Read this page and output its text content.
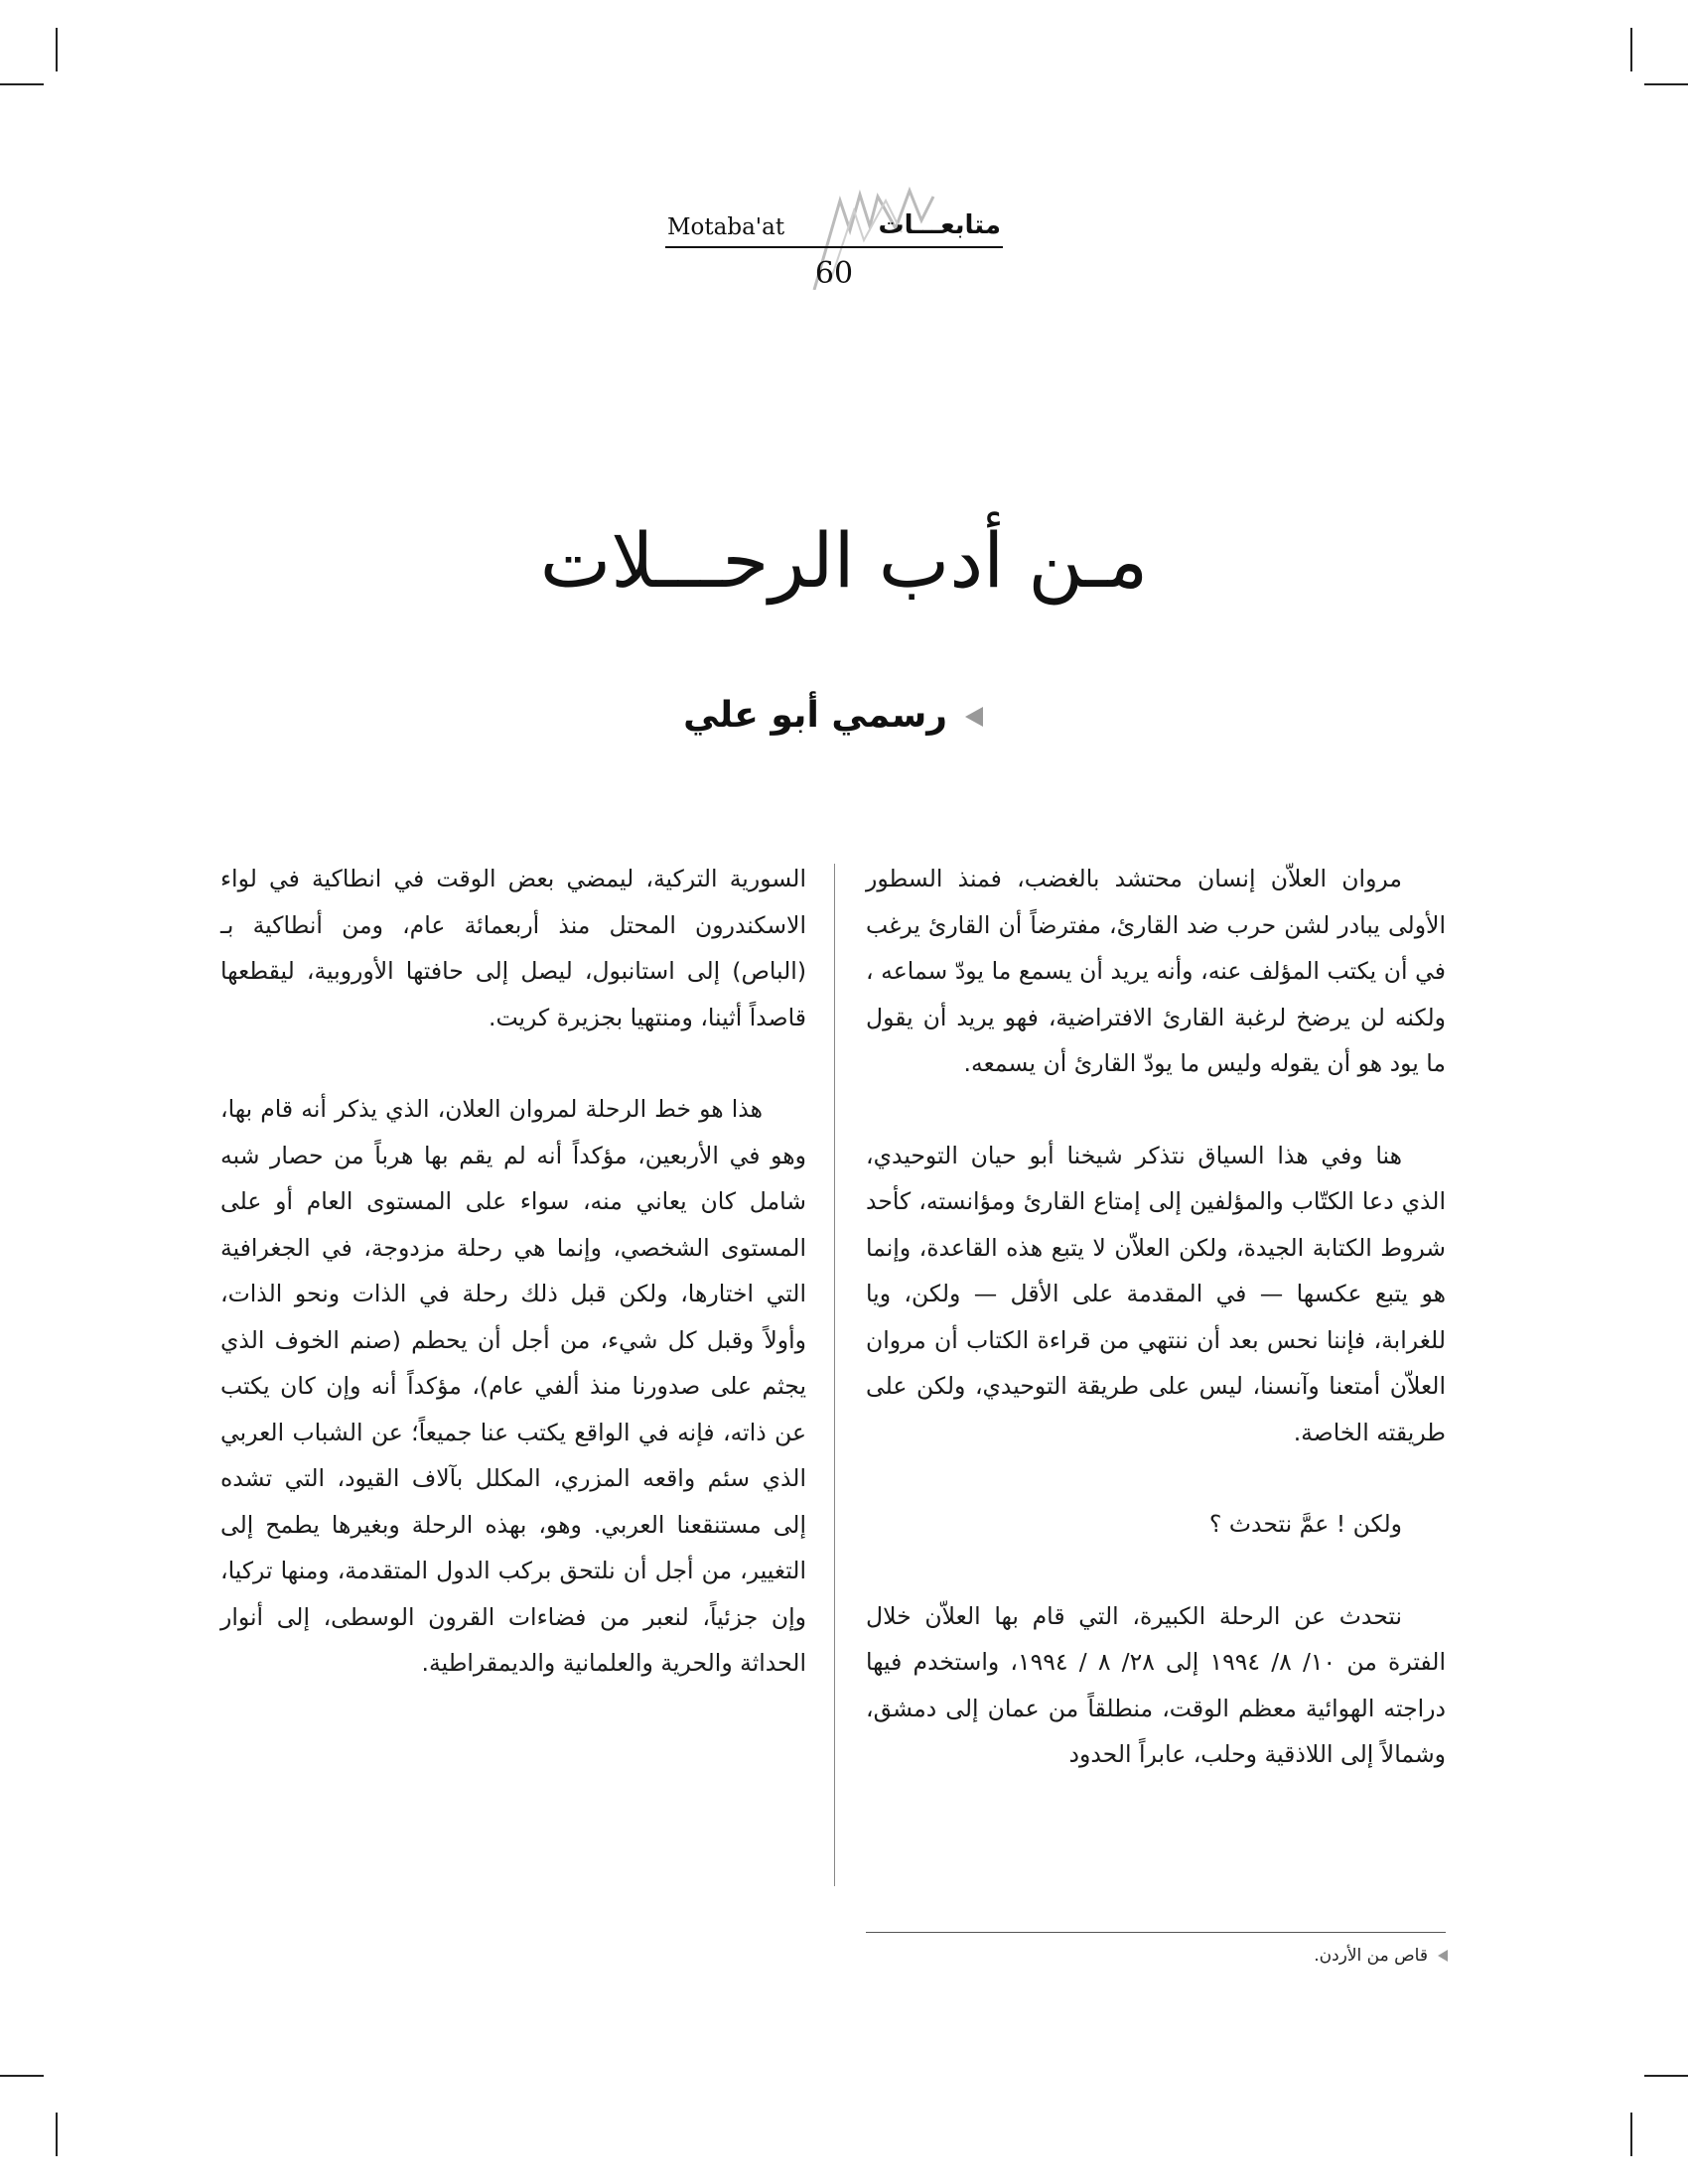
Motaba'at	متابعـــات
60
مـن أدب الرحـــلات
رسمي أبو علي

مروان العلاّن إنسان محتشد بالغضب، فمنذ السطور الأولى يبادر لشن حرب ضد القارئ، مفترضاً أن القارئ يرغب في أن يكتب المؤلف عنه، وأنه يريد أن يسمع ما يودّ سماعه ، ولكنه لن يرضخ لرغبة القارئ الافتراضية، فهو يريد أن يقول ما يود هو أن يقوله وليس ما يودّ القارئ أن يسمعه.

هنا وفي هذا السياق نتذكر شيخنا أبو حيان التوحيدي، الذي دعا الكتّاب والمؤلفين إلى إمتاع القارئ ومؤانسته، كأحد شروط الكتابة الجيدة، ولكن العلاّن لا يتبع هذه القاعدة، وإنما هو يتبع عكسها — في المقدمة على الأقل — ولكن، ويا للغرابة، فإننا نحس بعد أن ننتهي من قراءة الكتاب أن مروان العلاّن أمتعنا وآنسنا، ليس على طريقة التوحيدي، ولكن على طريقته الخاصة.

ولكن ! عمَّ نتحدث ؟

نتحدث عن الرحلة الكبيرة، التي قام بها العلاّن خلال الفترة من ١٠/ ٨/ ١٩٩٤ إلى ٢٨/ ٨ / ١٩٩٤، واستخدم فيها دراجته الهوائية معظم الوقت، منطلقاً من عمان إلى دمشق، وشمالاً إلى اللاذقية وحلب، عابراً الحدود

السورية التركية، ليمضي بعض الوقت في انطاكية في لواء الاسكندرون المحتل منذ أربعمائة عام، ومن أنطاكية بـ (الباص) إلى استانبول، ليصل إلى حافتها الأوروبية، ليقطعها قاصداً أثينا، ومنتهيا بجزيرة كريت.

هذا هو خط الرحلة لمروان العلان، الذي يذكر أنه قام بها، وهو في الأربعين، مؤكداً أنه لم يقم بها هرباً من حصار شبه شامل كان يعاني منه، سواء على المستوى العام أو على المستوى الشخصي، وإنما هي رحلة مزدوجة، في الجغرافية التي اختارها، ولكن قبل ذلك رحلة في الذات ونحو الذات، وأولاً وقبل كل شيء، من أجل أن يحطم (صنم الخوف الذي يجثم على صدورنا منذ ألفي عام)، مؤكداً أنه وإن كان يكتب عن ذاته، فإنه في الواقع يكتب عنا جميعاً؛ عن الشباب العربي الذي سئم واقعه المزري، المكلل بآلاف القيود، التي تشده إلى مستنقعنا العربي. وهو، بهذه الرحلة وبغيرها يطمح إلى التغيير، من أجل أن نلتحق بركب الدول المتقدمة، ومنها تركيا، وإن جزئياً، لنعبر من فضاءات القرون الوسطى، إلى أنوار الحداثة والحرية والعلمانية والديمقراطية.

قاص من الأردن.
